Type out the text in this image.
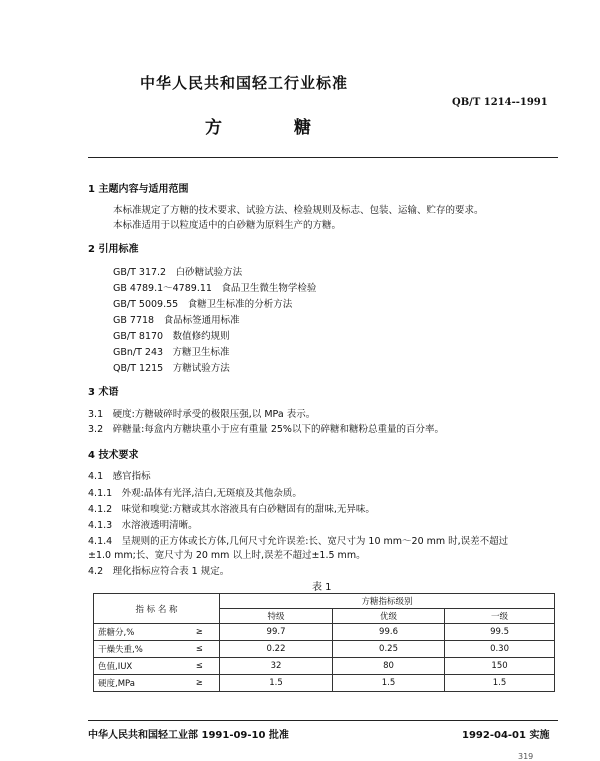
中华人民共和国轻工行业标准
QB/T 1214--1991
方糖
1 主题内容与适用范围
本标准规定了方糖的技术要求、试验方法、检验规则及标志、包装、运输、贮存的要求。
本标准适用于以粒度适中的白砂糖为原料生产的方糖。
2 引用标准
GB/T 317.2　白砂糖试验方法
GB 4789.1～4789.11　食品卫生微生物学检验
GB/T 5009.55　食糖卫生标准的分析方法
GB 7718　食品标签通用标准
GB/T 8170　数值修约规则
GBn/T 243　方糖卫生标准
QB/T 1215　方糖试验方法
3 术语
3.1　硬度:方糖破碎时承受的极限压强,以 MPa 表示。
3.2　碎糖量:每盒内方糖块重小于应有重量 25%以下的碎糖和糖粉总重量的百分率。
4 技术要求
4.1　感官指标
4.1.1　外观:晶体有光泽,洁白,无斑痕及其他杂质。
4.1.2　味觉和嗅觉:方糖或其水溶液具有白砂糖固有的甜味,无异味。
4.1.3　水溶液透明清晰。
4.1.4　呈规则的正方体或长方体,几何尺寸允许误差:长、宽尺寸为 10 mm～20 mm 时,误差不超过
±1.0 mm;长、宽尺寸为 20 mm 以上时,误差不超过±1.5 mm。
4.2　理化指标应符合表 1 规定。
表 1
指 标 名 称		方糖指标级别		
		特级	优级	一级
蔗糖分,%	≥	99.7	99.6	99.5
干燥失重,%	≤	0.22	0.25	0.30
色值,IUX	≤	32	80	150
硬度,MPa	≥	1.5	1.5	1.5
中华人民共和国轻工业部 1991-09-10 批准	1992-04-01 实施
319
